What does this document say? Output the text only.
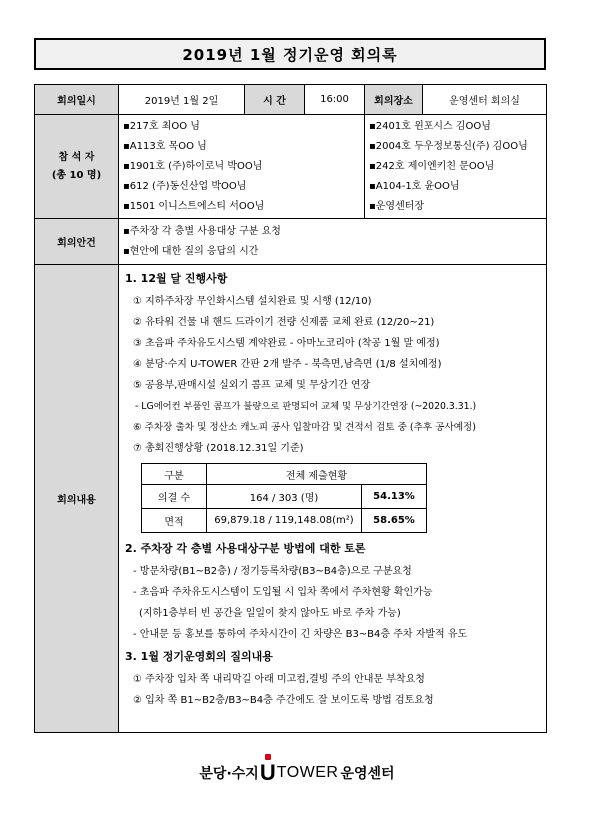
2019년 1월 정기운영 회의록
회의일시	2019년 1월 2일	시 간	16:00	회의장소	운영센터 회의실

참 석 자
(총 10 명)

▪217호 최OO 님
▪A113호 목OO 님
▪1901호 (주)하이로닉 박OO님
▪612 (주)동신산업 박OO님
▪1501 이니스트에스티 서OO님

▪2401호 윈포시스 김OO님
▪2004호 두우정보통신(주) 김OO님
▪242호 제이엔키친 문OO님
▪A104-1호 윤OO님
▪운영센터장

회의안건	
▪주차장 각 층별 사용대상 구분 요청
▪현안에 대한 질의 응답의 시간

회의내용	
1. 12월 달 진행사항
① 지하주차장 무인화시스템 설치완료 및 시행 (12/10)
② 유타워 건물 내 핸드 드라이기 전량 신제품 교체 완료 (12/20~21)
③ 초음파 주차유도시스템 계약완료 - 아마노코리아 (착공 1월 말 예정)
④ 분당·수지 U-TOWER 간판 2개 발주 - 북측면,남측면 (1/8 설치예정)
⑤ 공용부,판매시설 실외기 콤프 교체 및 무상기간 연장
- LG에어컨 부품인 콤프가 불량으로 판명되어 교체 및 무상기간연장 (~2020.3.31.)
⑥ 주차장 출차 및 정산소 캐노피 공사 입찰마감 및 견적서 검토 중 (추후 공사예정)
⑦ 총회진행상황 (2018.12.31일 기준)
구분	전체 제출현황
의결 수	164 / 303 (명)	54.13%
면적	69,879.18 / 119,148.08(m²)	58.65%
2. 주차장 각 층별 사용대상구분 방법에 대한 토론
- 방문차량(B1~B2층) / 정기등록차량(B3~B4층)으로 구분요청
- 초음파 주차유도시스템이 도입될 시 입차 쪽에서 주차현황 확인가능
(지하1층부터 빈 공간을 일일이 찾지 않아도 바로 주차 가능)
- 안내문 등 홍보를 통하여 주차시간이 긴 차량은 B3~B4층 주차 자발적 유도
3. 1월 정기운영회의 질의내용
① 주차장 입차 쪽 내리막길 아래 미고컴,결빙 주의 안내문 부착요청
② 입차 쪽 B1~B2층/B3~B4층 주간에도 잘 보이도록 방법 검토요청
분당·수지 U TOWER 운영센터
